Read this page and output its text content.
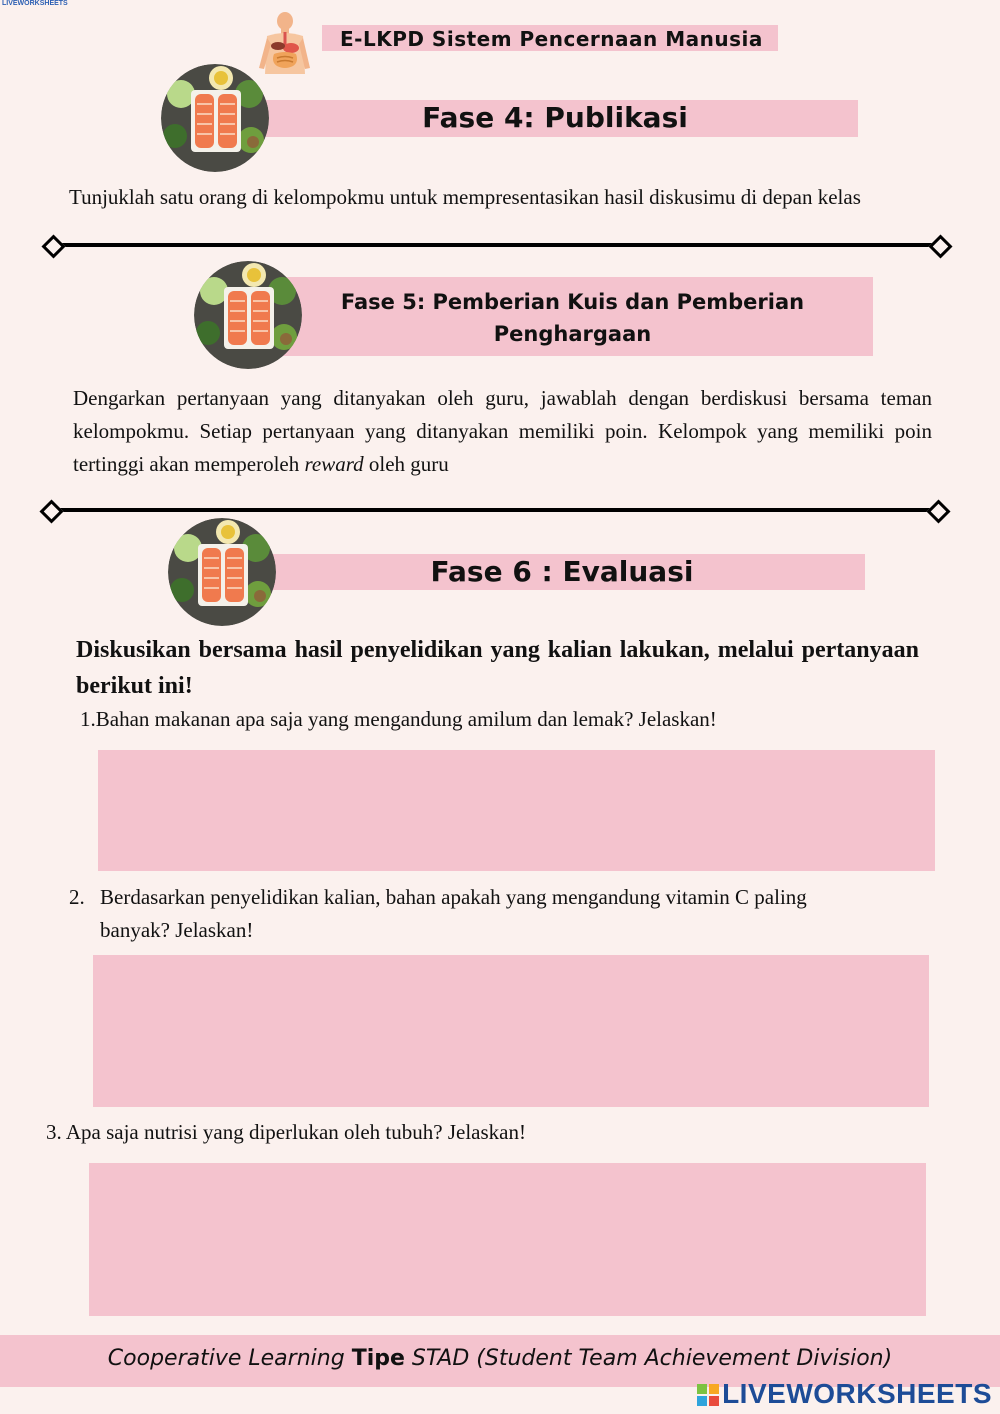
LIVEWORKSHEETS
E-LKPD Sistem Pencernaan Manusia
Fase 4: Publikasi
Tunjuklah satu orang di kelompokmu untuk mempresentasikan hasil diskusimu di depan kelas
Fase 5: Pemberian Kuis dan Pemberian
Penghargaan
Dengarkan pertanyaan yang ditanyakan oleh guru, jawablah dengan berdiskusi bersama teman kelompokmu. Setiap pertanyaan yang ditanyakan memiliki poin. Kelompok yang memiliki poin tertinggi akan memperoleh reward oleh guru
Fase 6 : Evaluasi
Diskusikan bersama hasil penyelidikan yang kalian lakukan, melalui pertanyaan berikut ini!
1.Bahan makanan apa saja yang mengandung amilum dan lemak? Jelaskan!
2. Berdasarkan penyelidikan kalian, bahan apakah yang mengandung vitamin C paling
banyak? Jelaskan!
3. Apa saja nutrisi yang diperlukan oleh tubuh? Jelaskan!
Cooperative Learning Tipe STAD (Student Team Achievement Division)
LIVEWORKSHEETS
